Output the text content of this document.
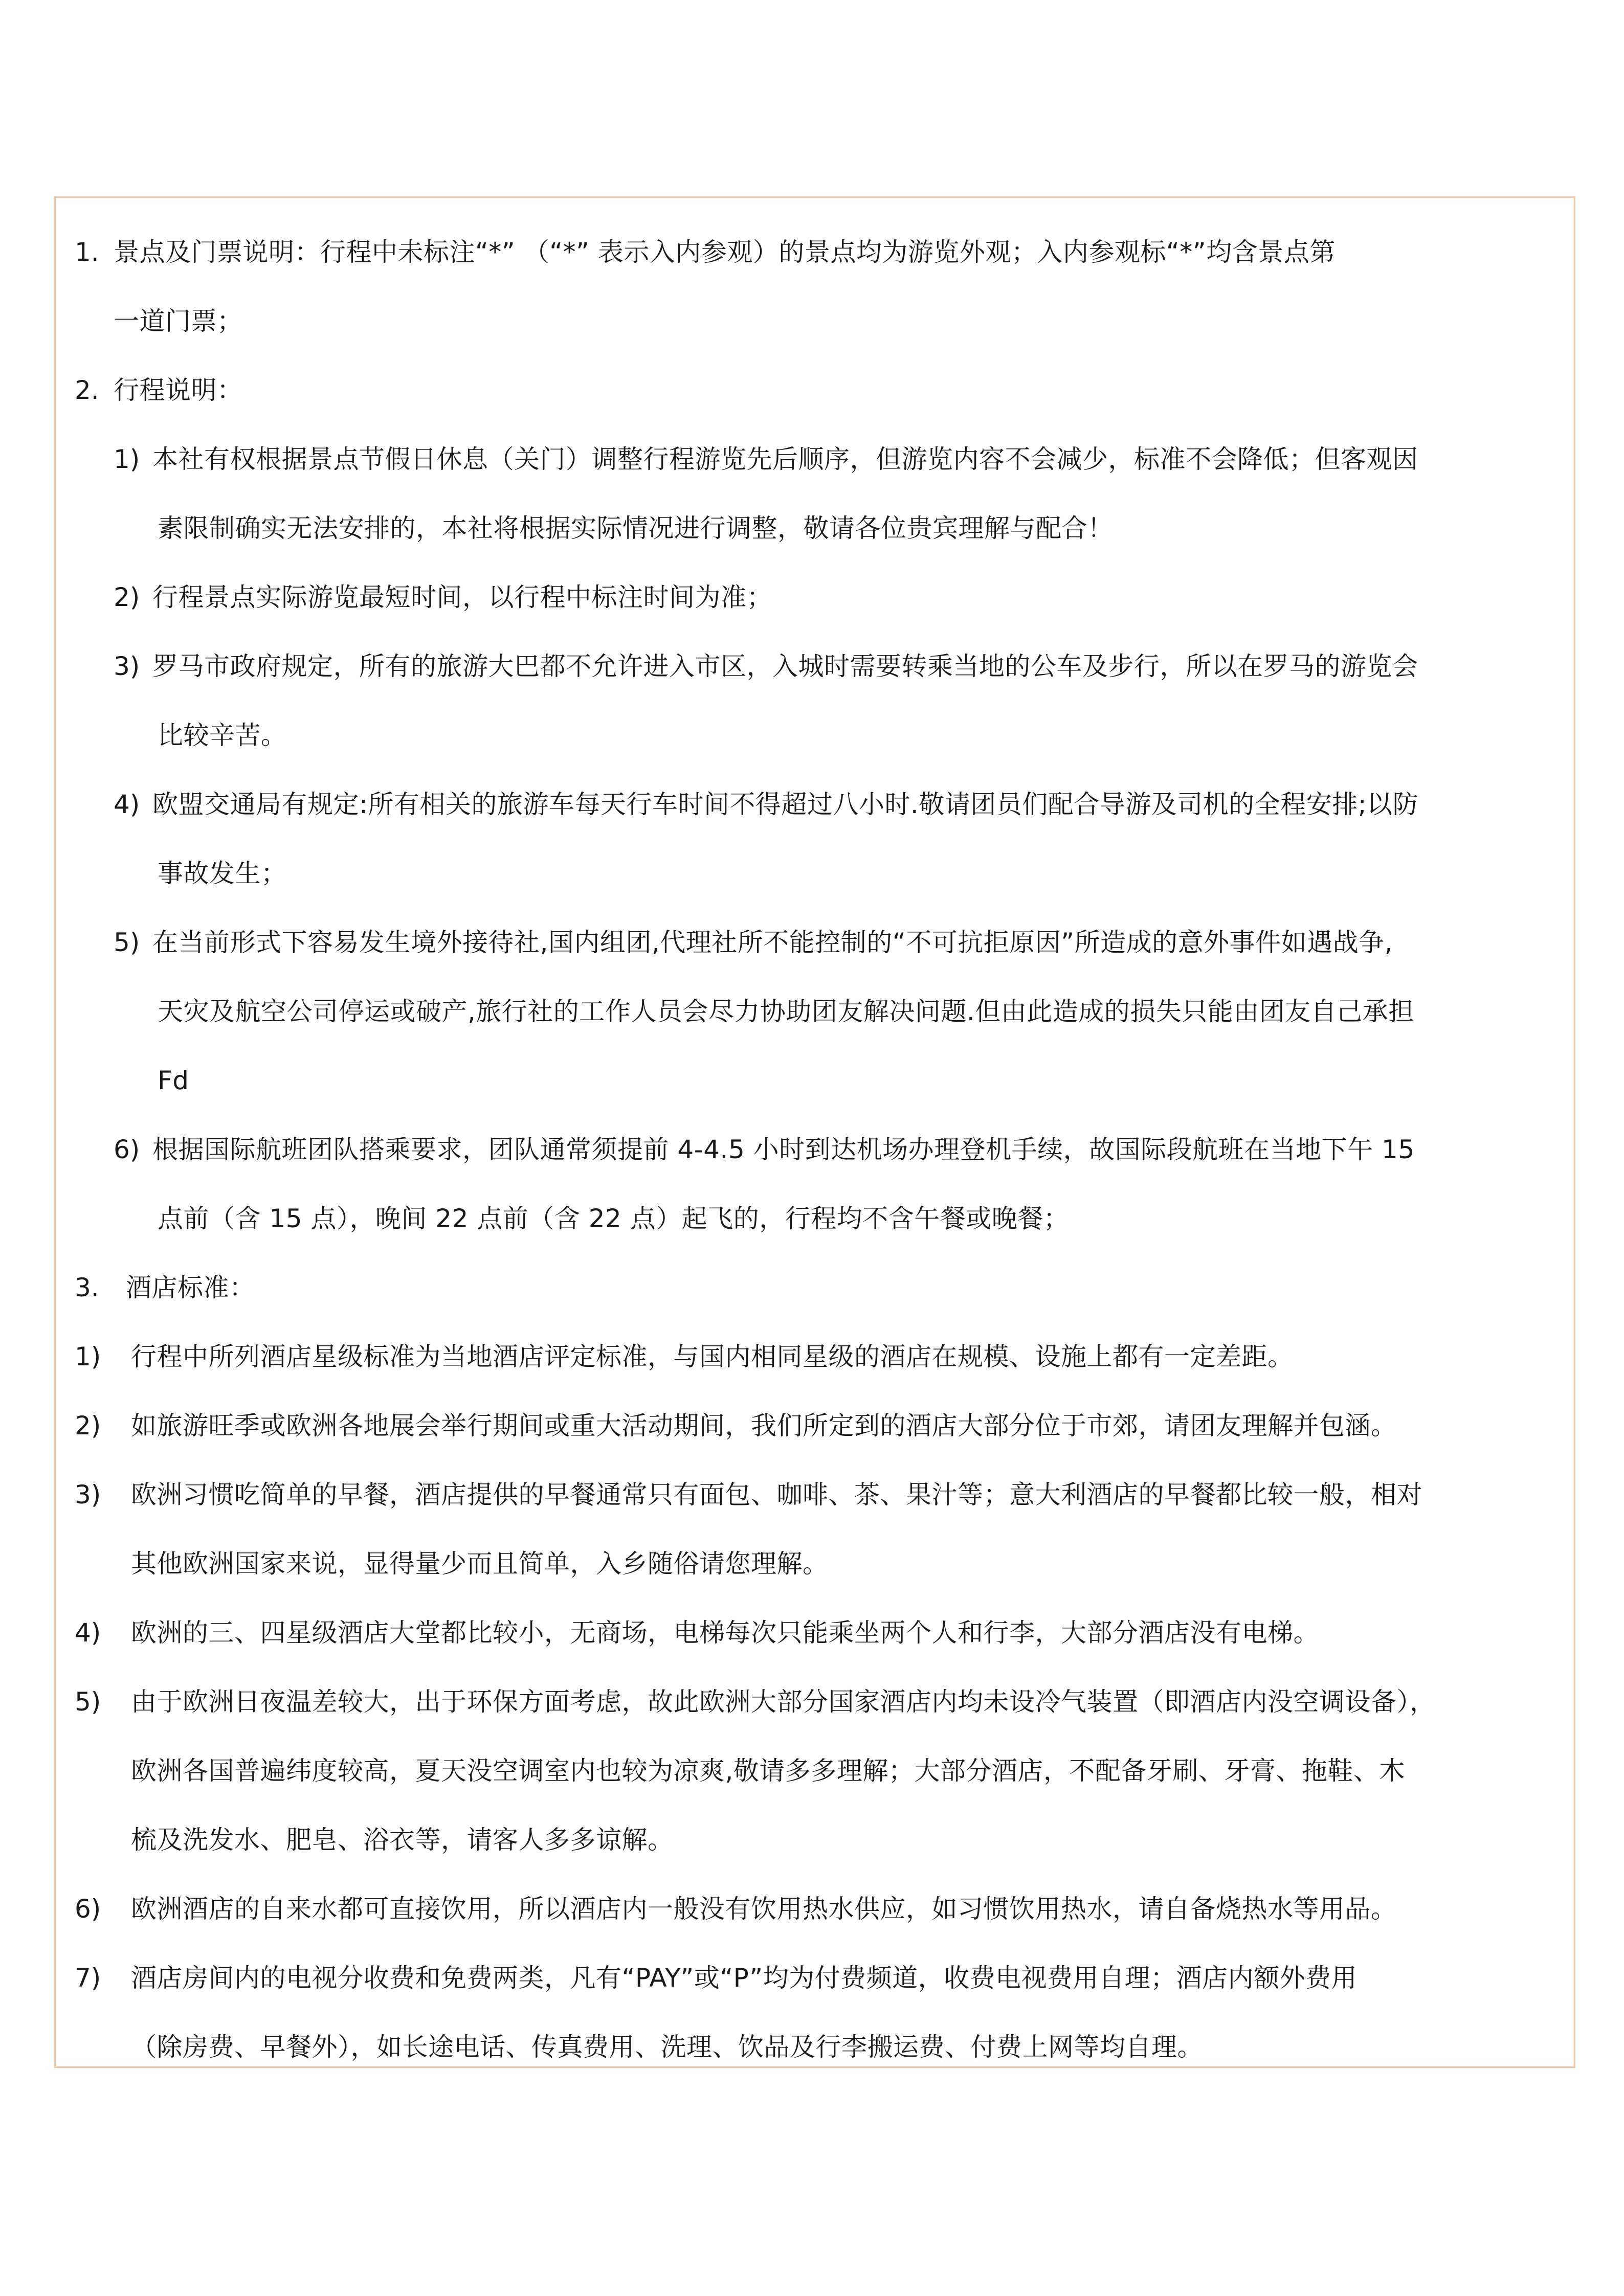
1. 景点及门票说明：行程中未标注“*” （“*” 表示入内参观）的景点均为游览外观；入内参观标“*”均含景点第
一道门票；
2. 行程说明：
1) 本社有权根据景点节假日休息（关门）调整行程游览先后顺序，但游览内容不会减少，标准不会降低；但客观因
素限制确实无法安排的，本社将根据实际情况进行调整，敬请各位贵宾理解与配合！
2) 行程景点实际游览最短时间，以行程中标注时间为准；
3) 罗马市政府规定，所有的旅游大巴都不允许进入市区，入城时需要转乘当地的公车及步行，所以在罗马的游览会
比较辛苦。
4) 欧盟交通局有规定:所有相关的旅游车每天行车时间不得超过八小时.敬请团员们配合导游及司机的全程安排;以防
事故发生；
5) 在当前形式下容易发生境外接待社,国内组团,代理社所不能控制的“不可抗拒原因”所造成的意外事件如遇战争,
天灾及航空公司停运或破产,旅行社的工作人员会尽力协助团友解决问题.但由此造成的损失只能由团友自己承担
Fd
6) 根据国际航班团队搭乘要求，团队通常须提前 4-4.5 小时到达机场办理登机手续，故国际段航班在当地下午 15
点前（含 15 点），晚间 22 点前（含 22 点）起飞的，行程均不含午餐或晚餐；
3. 酒店标准：
1) 行程中所列酒店星级标准为当地酒店评定标准，与国内相同星级的酒店在规模、设施上都有一定差距。
2) 如旅游旺季或欧洲各地展会举行期间或重大活动期间，我们所定到的酒店大部分位于市郊，请团友理解并包涵。
3) 欧洲习惯吃简单的早餐，酒店提供的早餐通常只有面包、咖啡、茶、果汁等；意大利酒店的早餐都比较一般，相对
其他欧洲国家来说，显得量少而且简单，入乡随俗请您理解。
4) 欧洲的三、四星级酒店大堂都比较小，无商场，电梯每次只能乘坐两个人和行李，大部分酒店没有电梯。
5) 由于欧洲日夜温差较大，出于环保方面考虑，故此欧洲大部分国家酒店内均未设冷气装置（即酒店内没空调设备），
欧洲各国普遍纬度较高，夏天没空调室内也较为凉爽,敬请多多理解；大部分酒店，不配备牙刷、牙膏、拖鞋、木
梳及洗发水、肥皂、浴衣等，请客人多多谅解。
6) 欧洲酒店的自来水都可直接饮用，所以酒店内一般没有饮用热水供应，如习惯饮用热水，请自备烧热水等用品。
7) 酒店房间内的电视分收费和免费两类，凡有“PAY”或“P”均为付费频道，收费电视费用自理；酒店内额外费用
（除房费、早餐外），如长途电话、传真费用、洗理、饮品及行李搬运费、付费上网等均自理。
